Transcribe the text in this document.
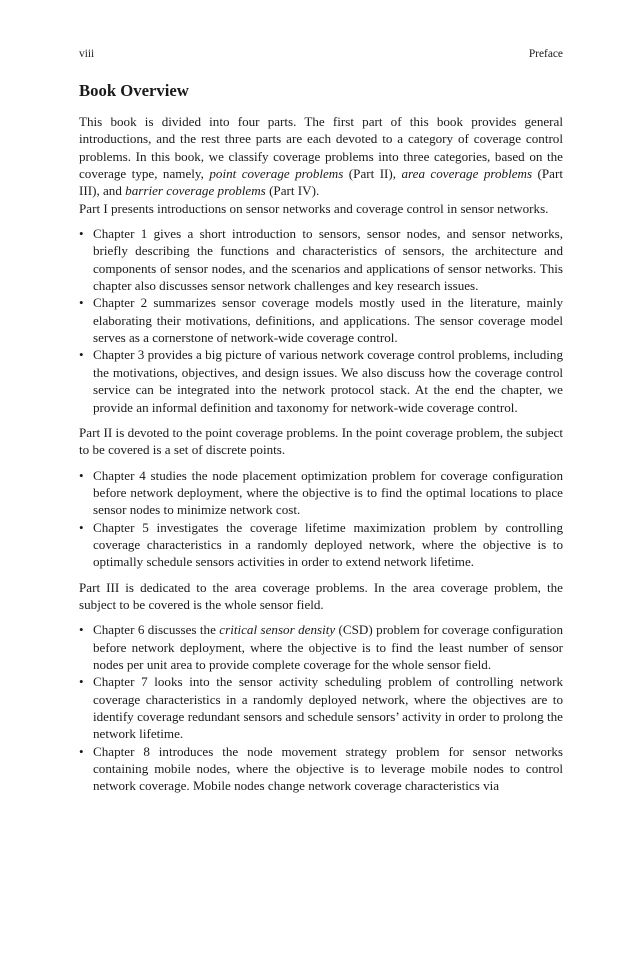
viii	Preface
Book Overview

This book is divided into four parts. The first part of this book provides general introductions, and the rest three parts are each devoted to a category of coverage control problems. In this book, we classify coverage problems into three categories, based on the coverage type, namely, point coverage problems (Part II), area coverage problems (Part III), and barrier coverage problems (Part IV).

Part I presents introductions on sensor networks and coverage control in sensor networks.

• Chapter 1 gives a short introduction to sensors, sensor nodes, and sensor networks, briefly describing the functions and characteristics of sensors, the architecture and components of sensor nodes, and the scenarios and applications of sensor networks. This chapter also discusses sensor network challenges and key research issues.
• Chapter 2 summarizes sensor coverage models mostly used in the literature, mainly elaborating their motivations, definitions, and applications. The sensor coverage model serves as a cornerstone of network-wide coverage control.
• Chapter 3 provides a big picture of various network coverage control problems, including the motivations, objectives, and design issues. We also discuss how the coverage control service can be integrated into the network protocol stack. At the end the chapter, we provide an informal definition and taxonomy for network-wide coverage control.

Part II is devoted to the point coverage problems. In the point coverage problem, the subject to be covered is a set of discrete points.

• Chapter 4 studies the node placement optimization problem for coverage configuration before network deployment, where the objective is to find the optimal locations to place sensor nodes to minimize network cost.
• Chapter 5 investigates the coverage lifetime maximization problem by controlling coverage characteristics in a randomly deployed network, where the objective is to optimally schedule sensors activities in order to extend network lifetime.

Part III is dedicated to the area coverage problems. In the area coverage problem, the subject to be covered is the whole sensor field.

• Chapter 6 discusses the critical sensor density (CSD) problem for coverage configuration before network deployment, where the objective is to find the least number of sensor nodes per unit area to provide complete coverage for the whole sensor field.
• Chapter 7 looks into the sensor activity scheduling problem of controlling network coverage characteristics in a randomly deployed network, where the objectives are to identify coverage redundant sensors and schedule sensors’ activity in order to prolong the network lifetime.
• Chapter 8 introduces the node movement strategy problem for sensor networks containing mobile nodes, where the objective is to leverage mobile nodes to control network coverage. Mobile nodes change network coverage characteristics via
